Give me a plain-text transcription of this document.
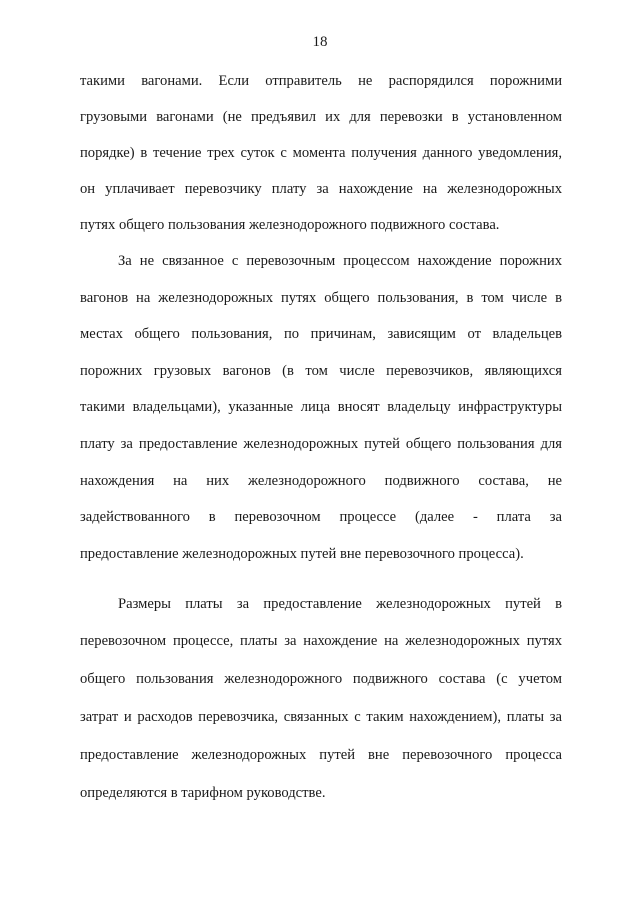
18
такими вагонами. Если отправитель не распорядился порожними
грузовыми вагонами (не предъявил их для перевозки в установленном
порядке) в течение трех суток с момента получения данного уведомления,
он уплачивает перевозчику плату за нахождение на железнодорожных
путях общего пользования железнодорожного подвижного состава.
За не связанное с перевозочным процессом нахождение порожних
вагонов на железнодорожных путях общего пользования, в том числе в
местах общего пользования, по причинам, зависящим от владельцев
порожних грузовых вагонов (в том числе перевозчиков, являющихся
такими владельцами), указанные лица вносят владельцу инфраструктуры
плату за предоставление железнодорожных путей общего пользования для
нахождения на них железнодорожного подвижного состава, не
задействованного в перевозочном процессе (далее - плата за
предоставление железнодорожных путей вне перевозочного процесса).
Размеры платы за предоставление железнодорожных путей в
перевозочном процессе, платы за нахождение на железнодорожных путях
общего пользования железнодорожного подвижного состава (с учетом
затрат и расходов перевозчика, связанных с таким нахождением), платы за
предоставление железнодорожных путей вне перевозочного процесса
определяются в тарифном руководстве.
